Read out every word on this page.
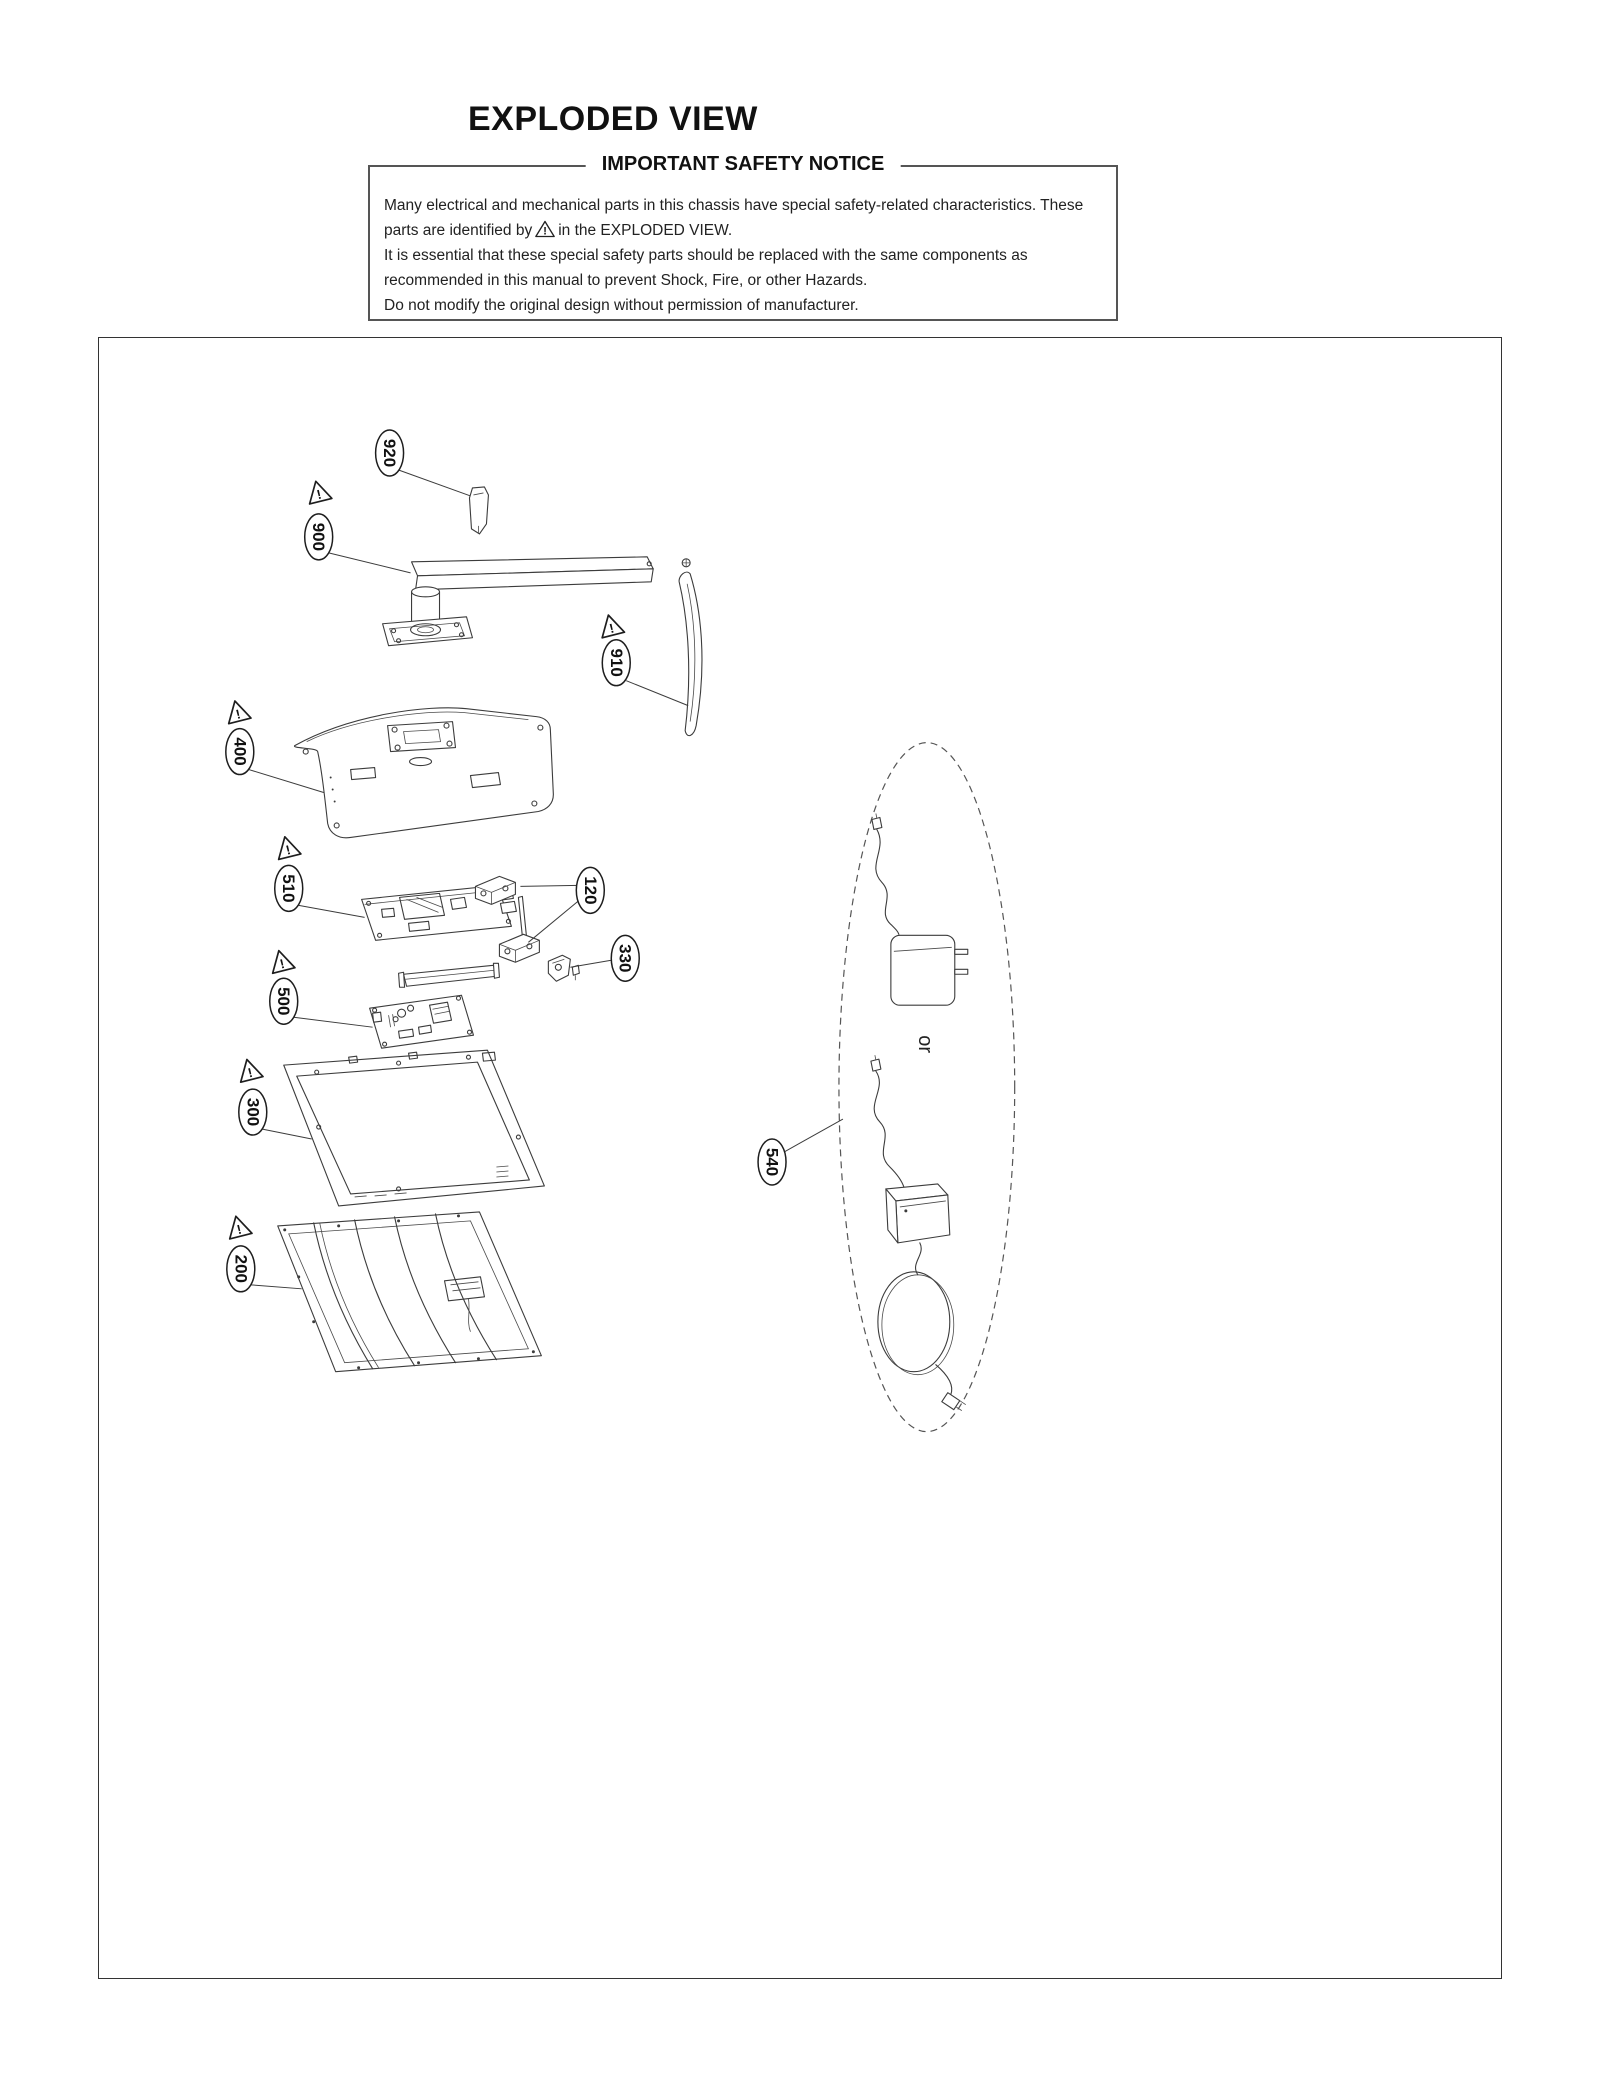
EXPLODED VIEW
IMPORTANT SAFETY NOTICE

Many electrical and mechanical parts in this chassis have special safety-related characteristics. These parts are identified by ! in the EXPLODED VIEW.

It is essential that these special safety parts should be replaced with the same components as recommended in this manual to prevent Shock, Fire, or other Hazards.

Do not modify the original design without permission of manufacturer.

or
920
900
910
400
510	120
330
500
300
200
540
!
!
!
!
!
!
!
